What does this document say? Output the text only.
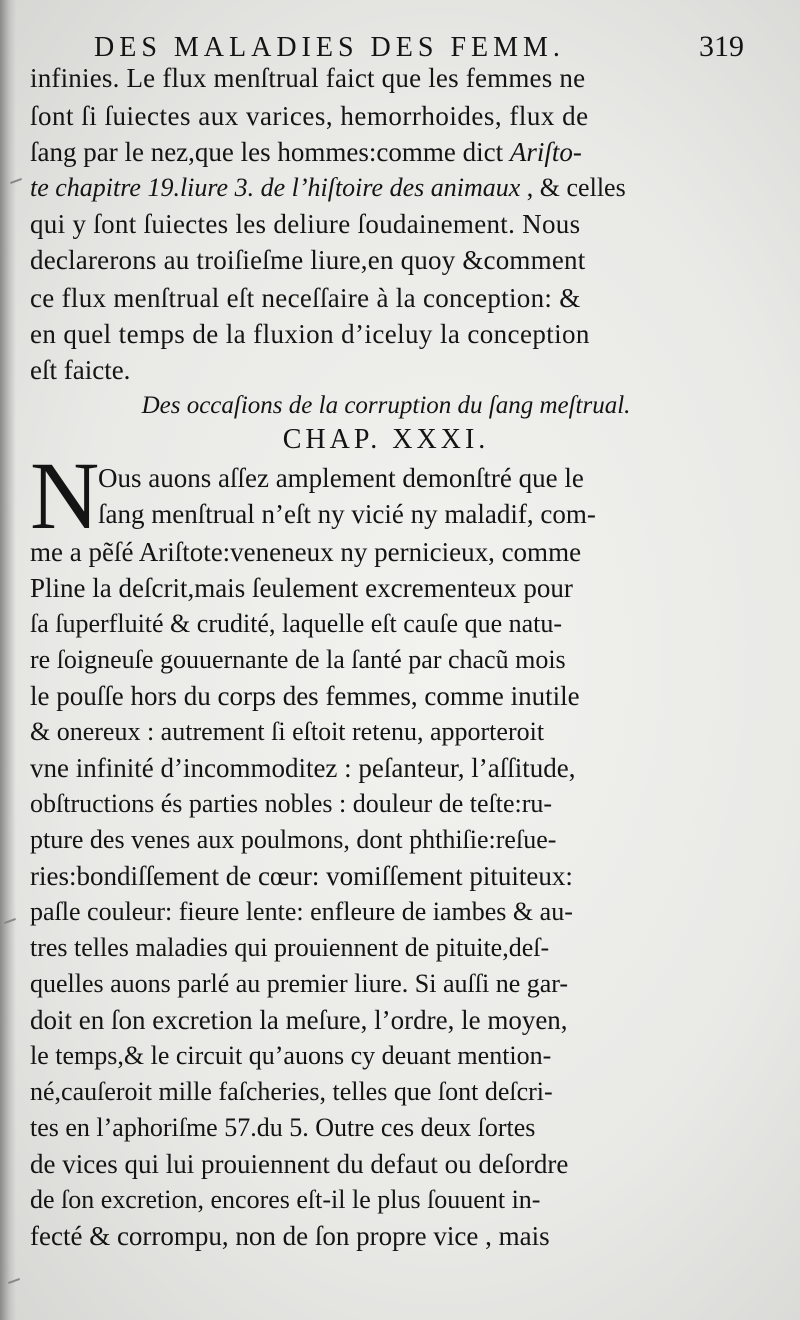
DES MALADIES DES FEMM.	319
infinies. Le flux menſtrual faict que les femmes ne
ſont ſi ſuiectes aux varices, hemorrhoides, flux de
ſang par le nez,que les hommes:comme dict Ariſto-
te chapitre 19.liure 3. de l’hiſtoire des animaux , & celles
qui y ſont ſuiectes les deliure ſoudainement. Nous
declarerons au troiſieſme liure,en quoy &comment
ce flux menſtrual eſt neceſſaire à la conception: &
en quel temps de la fluxion d’iceluy la conception
eſt faicte.
Des occaſions de la corruption du ſang meſtrual.
CHAP. XXXI.
N
Ous auons aſſez amplement demonſtré que le
ſang menſtrual n’eſt ny vicié ny maladif, com-
me a pẽſé Ariſtote:veneneux ny pernicieux, comme
Pline la deſcrit,mais ſeulement excrementeux pour
ſa ſuperfluité & crudité, laquelle eſt cauſe que natu-
re ſoigneuſe gouuernante de la ſanté par chacũ mois
le pouſſe hors du corps des femmes, comme inutile
& onereux : autrement ſi eſtoit retenu, apporteroit
vne infinité d’incommoditez : peſanteur, l’aſſitude,
obſtructions és parties nobles : douleur de teſte:ru-
pture des venes aux poulmons, dont phthiſie:reſue-
ries:bondiſſement de cœur: vomiſſement pituiteux:
paſle couleur: fieure lente: enfleure de iambes & au-
tres telles maladies qui prouiennent de pituite,deſ-
quelles auons parlé au premier liure. Si auſſi ne gar-
doit en ſon excretion la meſure, l’ordre, le moyen,
le temps,& le circuit qu’auons cy deuant mention-
né,cauſeroit mille faſcheries, telles que ſont deſcri-
tes en l’aphoriſme 57.du 5. Outre ces deux ſortes
de vices qui lui prouiennent du defaut ou deſordre
de ſon excretion, encores eſt-il le plus ſouuent in-
fecté & corrompu, non de ſon propre vice , mais
